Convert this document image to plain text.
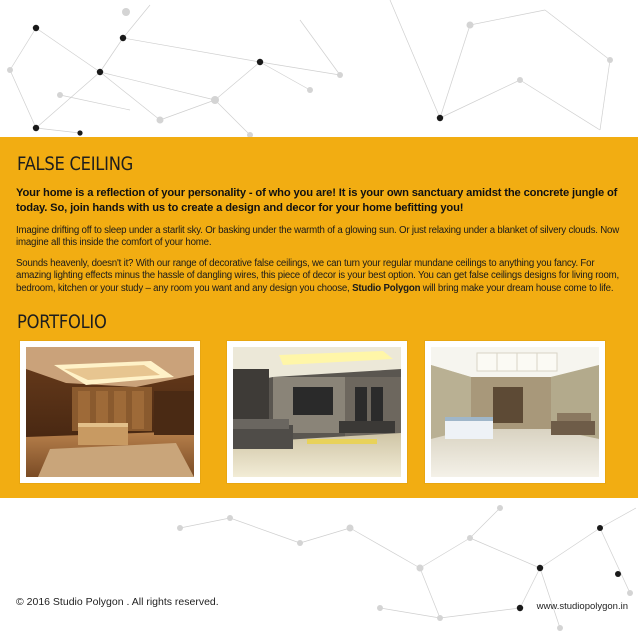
FALSE CEILING

Your home is a reflection of your personality - of who you are! It is your own sanctuary amidst the concrete jungle of today. So, join hands with us to create a design and decor for your home befitting you!

Imagine drifting off to sleep under a starlit sky. Or basking under the warmth of a glowing sun. Or just relaxing under a blanket of silvery clouds. Now imagine all this inside the comfort of your home.

Sounds heavenly, doesn't it? With our range of decorative false ceilings, we can turn your regular mundane ceilings to anything you fancy. For amazing lighting effects minus the hassle of dangling wires, this piece of decor is your best option. You can get false ceilings designs for living room, bedroom, kitchen or your study – any room you want and any design you choose, Studio Polygon will bring make your dream house come to life.

PORTFOLIO

© 2016 Studio Polygon . All rights reserved.	www.studiopolygon.in
